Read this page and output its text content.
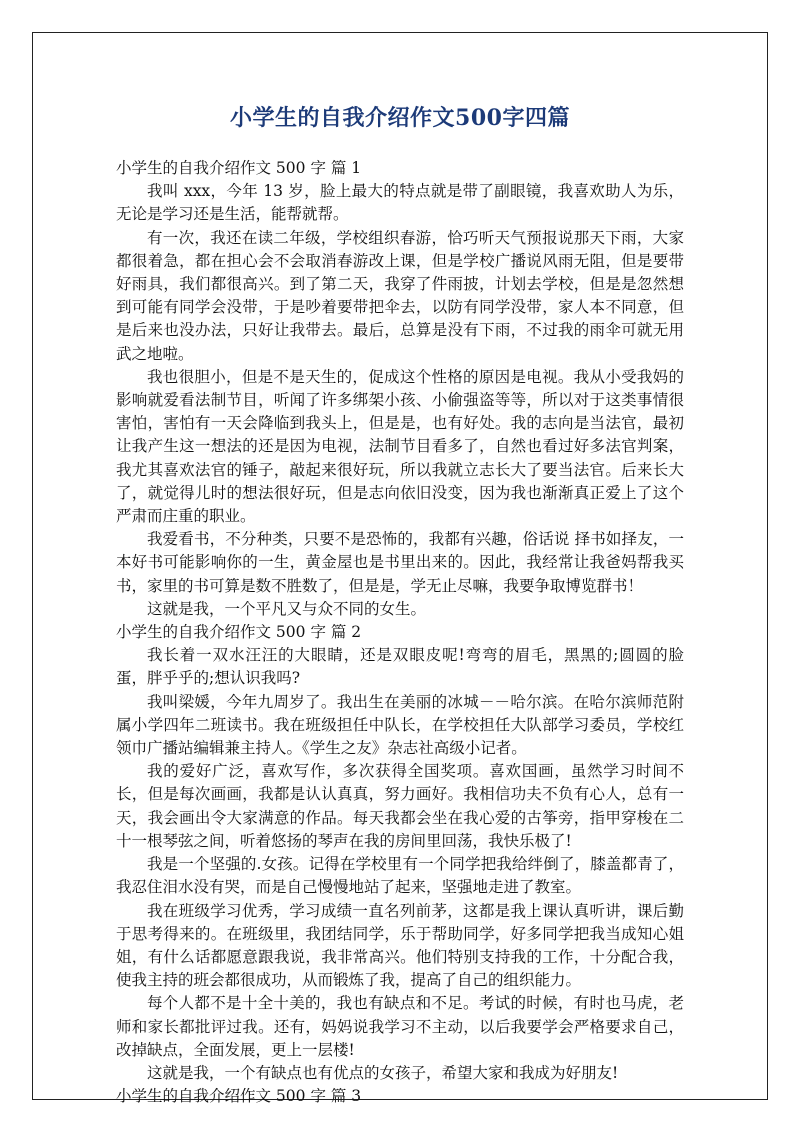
小学生的自我介绍作文500字四篇
小学生的自我介绍作文 500 字 篇 1

我叫 xxx，今年 13 岁，脸上最大的特点就是带了副眼镜，我喜欢助人为乐，无论是学习还是生活，能帮就帮。

有一次，我还在读二年级，学校组织春游，恰巧听天气预报说那天下雨，大家都很着急，都在担心会不会取消春游改上课，但是学校广播说风雨无阻，但是要带好雨具，我们都很高兴。到了第二天，我穿了件雨披，计划去学校，但是是忽然想到可能有同学会没带，于是吵着要带把伞去，以防有同学没带，家人本不同意，但是后来也没办法，只好让我带去。最后，总算是没有下雨，不过我的雨伞可就无用武之地啦。

我也很胆小，但是不是天生的，促成这个性格的原因是电视。我从小受我妈的影响就爱看法制节目，听闻了许多绑架小孩、小偷强盗等等，所以对于这类事情很害怕，害怕有一天会降临到我头上，但是是，也有好处。我的志向是当法官，最初让我产生这一想法的还是因为电视，法制节目看多了，自然也看过好多法官判案，我尤其喜欢法官的锤子，敲起来很好玩，所以我就立志长大了要当法官。后来长大了，就觉得儿时的想法很好玩，但是志向依旧没变，因为我也渐渐真正爱上了这个严肃而庄重的职业。

我爱看书，不分种类，只要不是恐怖的，我都有兴趣，俗话说 择书如择友，一本好书可能影响你的一生，黄金屋也是书里出来的。因此，我经常让我爸妈帮我买书，家里的书可算是数不胜数了，但是是，学无止尽嘛，我要争取博览群书！

这就是我，一个平凡又与众不同的女生。

小学生的自我介绍作文 500 字 篇 2

我长着一双水汪汪的大眼睛，还是双眼皮呢!弯弯的眉毛，黑黑的;圆圆的脸蛋，胖乎乎的;想认识我吗?

我叫梁媛，今年九周岁了。我出生在美丽的冰城－－哈尔滨。在哈尔滨师范附属小学四年二班读书。我在班级担任中队长，在学校担任大队部学习委员，学校红领巾广播站编辑兼主持人。《学生之友》杂志社高级小记者。

我的爱好广泛，喜欢写作，多次获得全国奖项。喜欢国画，虽然学习时间不长，但是每次画画，我都是认认真真，努力画好。我相信功夫不负有心人，总有一天，我会画出令大家满意的作品。每天我都会坐在我心爱的古筝旁，指甲穿梭在二十一根琴弦之间，听着悠扬的琴声在我的房间里回荡，我快乐极了!

我是一个坚强的.女孩。记得在学校里有一个同学把我给绊倒了，膝盖都青了，我忍住泪水没有哭，而是自己慢慢地站了起来，坚强地走进了教室。

我在班级学习优秀，学习成绩一直名列前茅，这都是我上课认真听讲，课后勤于思考得来的。在班级里，我团结同学，乐于帮助同学，好多同学把我当成知心姐姐，有什么话都愿意跟我说，我非常高兴。他们特别支持我的工作，十分配合我，使我主持的班会都很成功，从而锻炼了我，提高了自己的组织能力。

每个人都不是十全十美的，我也有缺点和不足。考试的时候，有时也马虎，老师和家长都批评过我。还有，妈妈说我学习不主动，以后我要学会严格要求自己，改掉缺点，全面发展，更上一层楼!

这就是我，一个有缺点也有优点的女孩子，希望大家和我成为好朋友!

小学生的自我介绍作文 500 字 篇 3
